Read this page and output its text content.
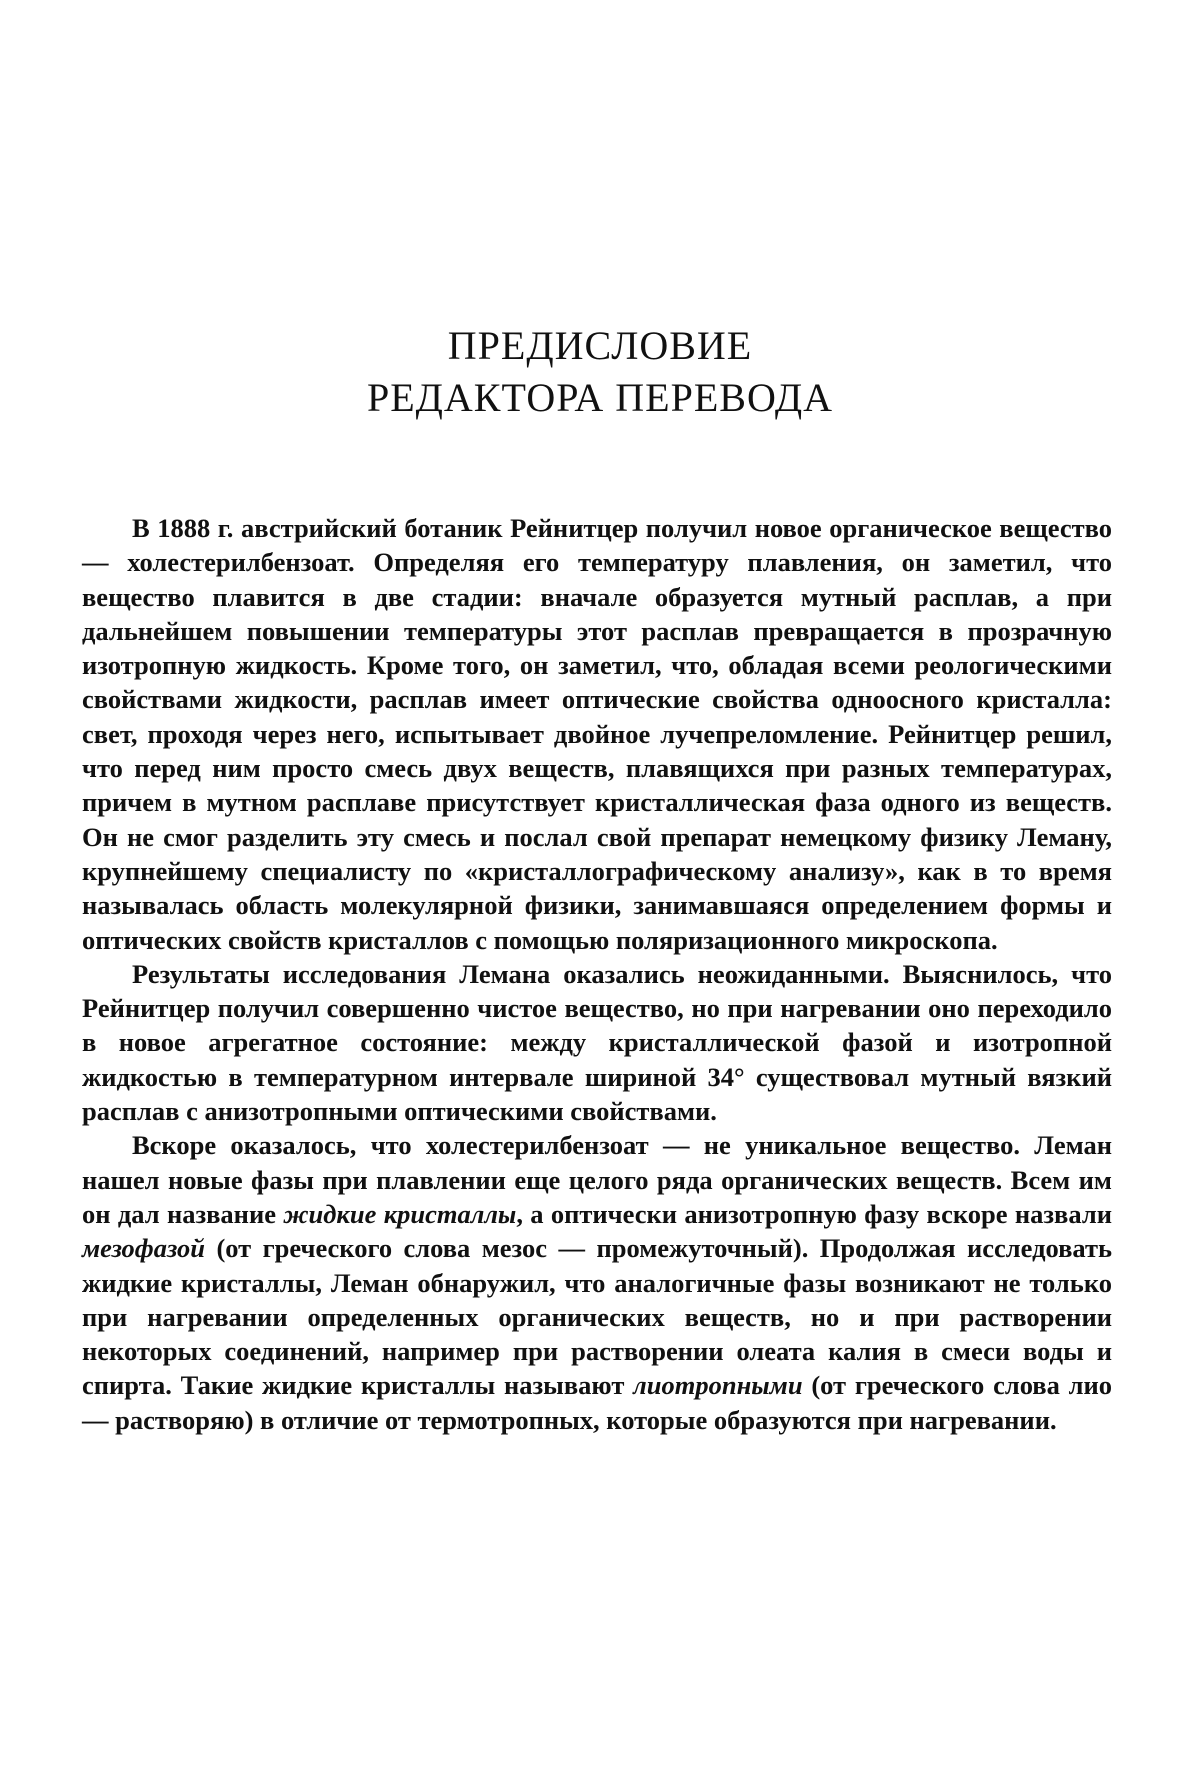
ПРЕДИСЛОВИЕ
РЕДАКТОРА ПЕРЕВОДА

В 1888 г. австрийский ботаник Рейнитцер получил новое органическое вещество — холестерилбензоат. Определяя его температуру плавления, он заметил, что вещество плавится в две стадии: вначале образуется мутный расплав, а при дальнейшем повышении температуры этот расплав превращается в прозрачную изотропную жидкость. Кроме того, он заметил, что, обладая всеми реологическими свойствами жидкости, расплав имеет оптические свойства одноосного кристалла: свет, проходя через него, испытывает двойное лучепреломление. Рейнитцер решил, что перед ним просто смесь двух веществ, плавящихся при разных температурах, причем в мутном расплаве присутствует кристаллическая фаза одного из веществ. Он не смог разделить эту смесь и послал свой препарат немецкому физику Леману, крупнейшему специалисту по «кристаллографическому анализу», как в то время называлась область молекулярной физики, занимавшаяся определением формы и оптических свойств кристаллов с помощью поляризационного микроскопа.

Результаты исследования Лемана оказались неожиданными. Выяснилось, что Рейнитцер получил совершенно чистое вещество, но при нагревании оно переходило в новое агрегатное состояние: между кристаллической фазой и изотропной жидкостью в температурном интервале шириной 34° существовал мутный вязкий расплав с анизотропными оптическими свойствами.

Вскоре оказалось, что холестерилбензоат — не уникальное вещество. Леман нашел новые фазы при плавлении еще целого ряда органических веществ. Всем им он дал название жидкие кристаллы, а оптически анизотропную фазу вскоре назвали мезофазой (от греческого слова мезос — промежуточный). Продолжая исследовать жидкие кристаллы, Леман обнаружил, что аналогичные фазы возникают не только при нагревании определенных органических веществ, но и при растворении некоторых соединений, например при растворении олеата калия в смеси воды и спирта. Такие жидкие кристаллы называют лиотропными (от греческого слова лио — растворяю) в отличие от термотропных, которые образуются при нагревании.
